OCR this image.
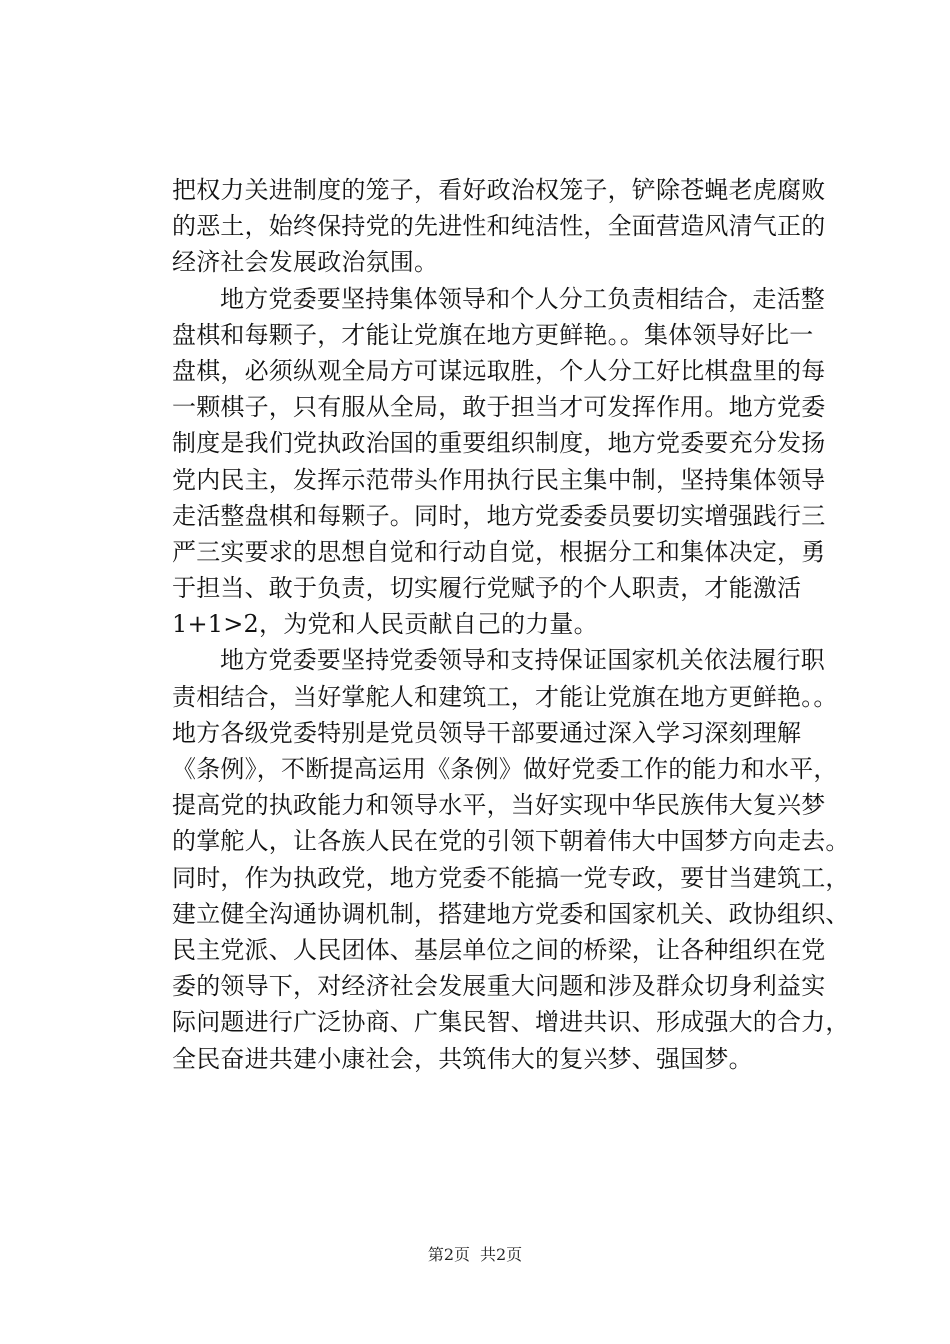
把权力关进制度的笼子，看好政治权笼子，铲除苍蝇老虎腐败
的恶土，始终保持党的先进性和纯洁性，全面营造风清气正的
经济社会发展政治氛围。
地方党委要坚持集体领导和个人分工负责相结合，走活整
盘棋和每颗子，才能让党旗在地方更鲜艳。。集体领导好比一
盘棋，必须纵观全局方可谋远取胜，个人分工好比棋盘里的每
一颗棋子，只有服从全局，敢于担当才可发挥作用。地方党委
制度是我们党执政治国的重要组织制度，地方党委要充分发扬
党内民主，发挥示范带头作用执行民主集中制，坚持集体领导
走活整盘棋和每颗子。同时，地方党委委员要切实增强践行三
严三实要求的思想自觉和行动自觉，根据分工和集体决定，勇
于担当、敢于负责，切实履行党赋予的个人职责，才能激活
1+1>2，为党和人民贡献自己的力量。
地方党委要坚持党委领导和支持保证国家机关依法履行职
责相结合，当好掌舵人和建筑工，才能让党旗在地方更鲜艳。。
地方各级党委特别是党员领导干部要通过深入学习深刻理解
《条例》，不断提高运用《条例》做好党委工作的能力和水平，
提高党的执政能力和领导水平，当好实现中华民族伟大复兴梦
的掌舵人，让各族人民在党的引领下朝着伟大中国梦方向走去。
同时，作为执政党，地方党委不能搞一党专政，要甘当建筑工，
建立健全沟通协调机制，搭建地方党委和国家机关、政协组织、
民主党派、人民团体、基层单位之间的桥梁，让各种组织在党
委的领导下，对经济社会发展重大问题和涉及群众切身利益实
际问题进行广泛协商、广集民智、增进共识、形成强大的合力，
全民奋进共建小康社会，共筑伟大的复兴梦、强国梦。
第2页 共2页
